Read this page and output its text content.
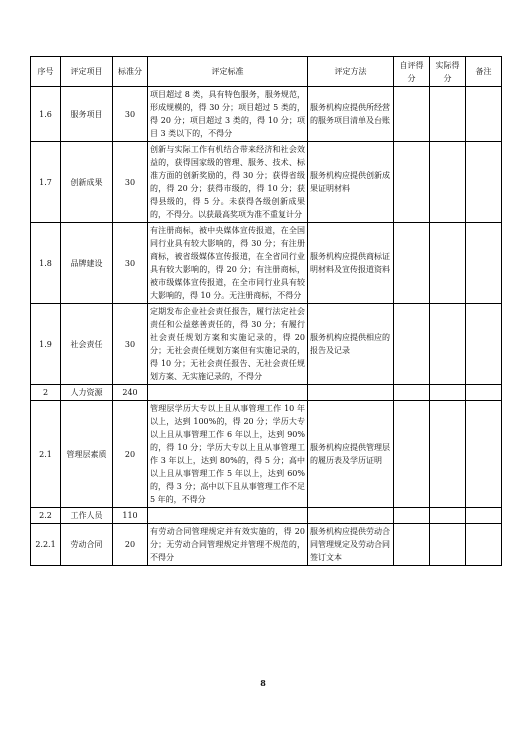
序号	评定项目	标准分	评定标准	评定方法	自评得分	实际得分	备注
1.6	服务项目	30	项目超过 8 类，具有特色服务，服务规范，形成规模的，得 30 分；项目超过 5 类的，得 20 分；项目超过 3 类的，得 10 分；项目 3 类以下的，不得分	服务机构应提供所经营的服务项目清单及台账			
1.7	创新成果	30	创新与实际工作有机结合带来经济和社会效益的，获得国家级的管理、服务、技术、标准方面的创新奖励的，得 30 分；获得省级的，得 20 分；获得市级的，得 10 分；获得县级的，得 5 分。未获得各级创新成果的，不得分。以获最高奖项为准不重复计分	服务机构应提供创新成果证明材料			
1.8	品牌建设	30	有注册商标，被中央媒体宣传报道，在全国同行业具有较大影响的，得 30 分；有注册商标，被省级媒体宣传报道，在全省同行业具有较大影响的，得 20 分；有注册商标，被市级媒体宣传报道，在全市同行业具有较大影响的，得 10 分。无注册商标，不得分	服务机构应提供商标证明材料及宣传报道资料			
1.9	社会责任	30	定期发布企业社会责任报告，履行法定社会责任和公益慈善责任的，得 30 分；有履行社会责任规划方案和实施记录的，得 20 分；无社会责任规划方案但有实施记录的，得 10 分；无社会责任报告、无社会责任规划方案、无实施记录的，不得分	服务机构应提供相应的报告及记录			
2	人力资源	240					
2.1	管理层素质	20	管理层学历大专以上且从事管理工作 10 年以上，达到 100%的，得 20 分；学历大专以上且从事管理工作 6 年以上，达到 90%的，得 10 分；学历大专以上且从事管理工作 3 年以上，达到 80%的，得 5 分；高中以上且从事管理工作 5 年以上，达到 60%的，得 3 分；高中以下且从事管理工作不足 5 年的，不得分	服务机构应提供管理层的履历表及学历证明			
2.2	工作人员	110					
2.2.1	劳动合同	20	有劳动合同管理规定并有效实施的，得 20 分；无劳动合同管理规定并管理不规范的，不得分	服务机构应提供劳动合同管理规定及劳动合同签订文本			
8
